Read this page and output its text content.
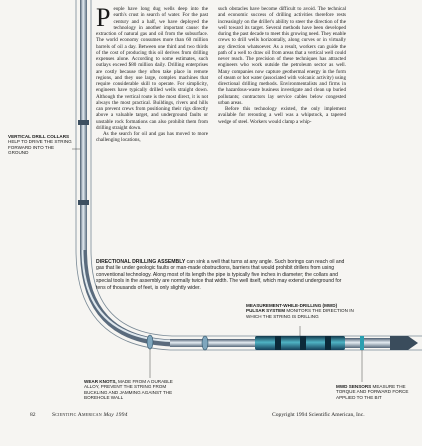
People have long dug wells deep into the earth's crust in search of water. For the past century and a half, we have deployed the technology in another important cause: the extraction of natural gas and oil from the subsurface. The world economy consumes more than 60 million barrels of oil a day. Between one third and two thirds of the cost of producing this oil derives from drilling expenses alone. According to some estimates, such outlays exceed $80 million daily. Drilling enterprises are costly because they often take place in remote regions, and they use large, complex machines that require considerable skill to operate. For simplicity, engineers have typically drilled wells straight down. Although the vertical route is the most direct, it is not always the most practical. Buildings, rivers and hills can prevent crews from positioning their rigs directly above a valuable target, and underground faults or unstable rock formations can also prohibit them from drilling straight down.

As the search for oil and gas has moved to more challenging locations,

such obstacles have become difficult to avoid. The technical and economic success of drilling activities therefore rests increasingly on the driller's ability to steer the direction of the well toward its target. Several methods have been developed during the past decade to meet this growing need. They enable crews to drill wells horizontally, along curves or in virtually any direction whatsoever. As a result, workers can guide the path of a well to draw oil from areas that a vertical well could never reach. The precision of these techniques has attracted engineers who work outside the petroleum sector as well. Many companies now capture geothermal energy in the form of steam or hot water (associated with volcanic activity) using directional drilling methods. Environmentalists and firms in the hazardous-waste business investigate and clean up buried pollutants; contractors lay service cables below congested urban areas.

Before this technology existed, the only implement available for rerouting a well was a whipstock, a tapered wedge of steel. Workers would clamp a whip-

DIRECTIONAL DRILLING ASSEMBLY can sink a well that turns at any angle. Such borings can reach oil and gas that lie under geologic faults or man-made obstructions, barriers that would prohibit drillers from using conventional technology. Along most of its length the pipe is typically five inches in diameter; the collars and special tools in the assembly are normally twice that width. The well itself, which may extend underground for tens of thousands of feet, is only slightly wider.
VERTICAL DRILL COLLARS HELP TO DRIVE THE STRING FORWARD INTO THE GROUND
MEASUREMENT-WHILE-DRILLING (MWD) PULSAR SYSTEM MONITORS THE DIRECTION IN WHICH THE STRING IS DRILLING
WEAR KNOTS, MADE FROM A DURABLE ALLOY, PREVENT THE STRING FROM BUCKLING AND JAMMING AGAINST THE BOREHOLE WALL
MWD SENSORS MEASURE THE TORQUE AND FORWARD FORCE APPLIED TO THE BIT
82	Scientific American May 1994	Copyright 1994 Scientific American, Inc.
